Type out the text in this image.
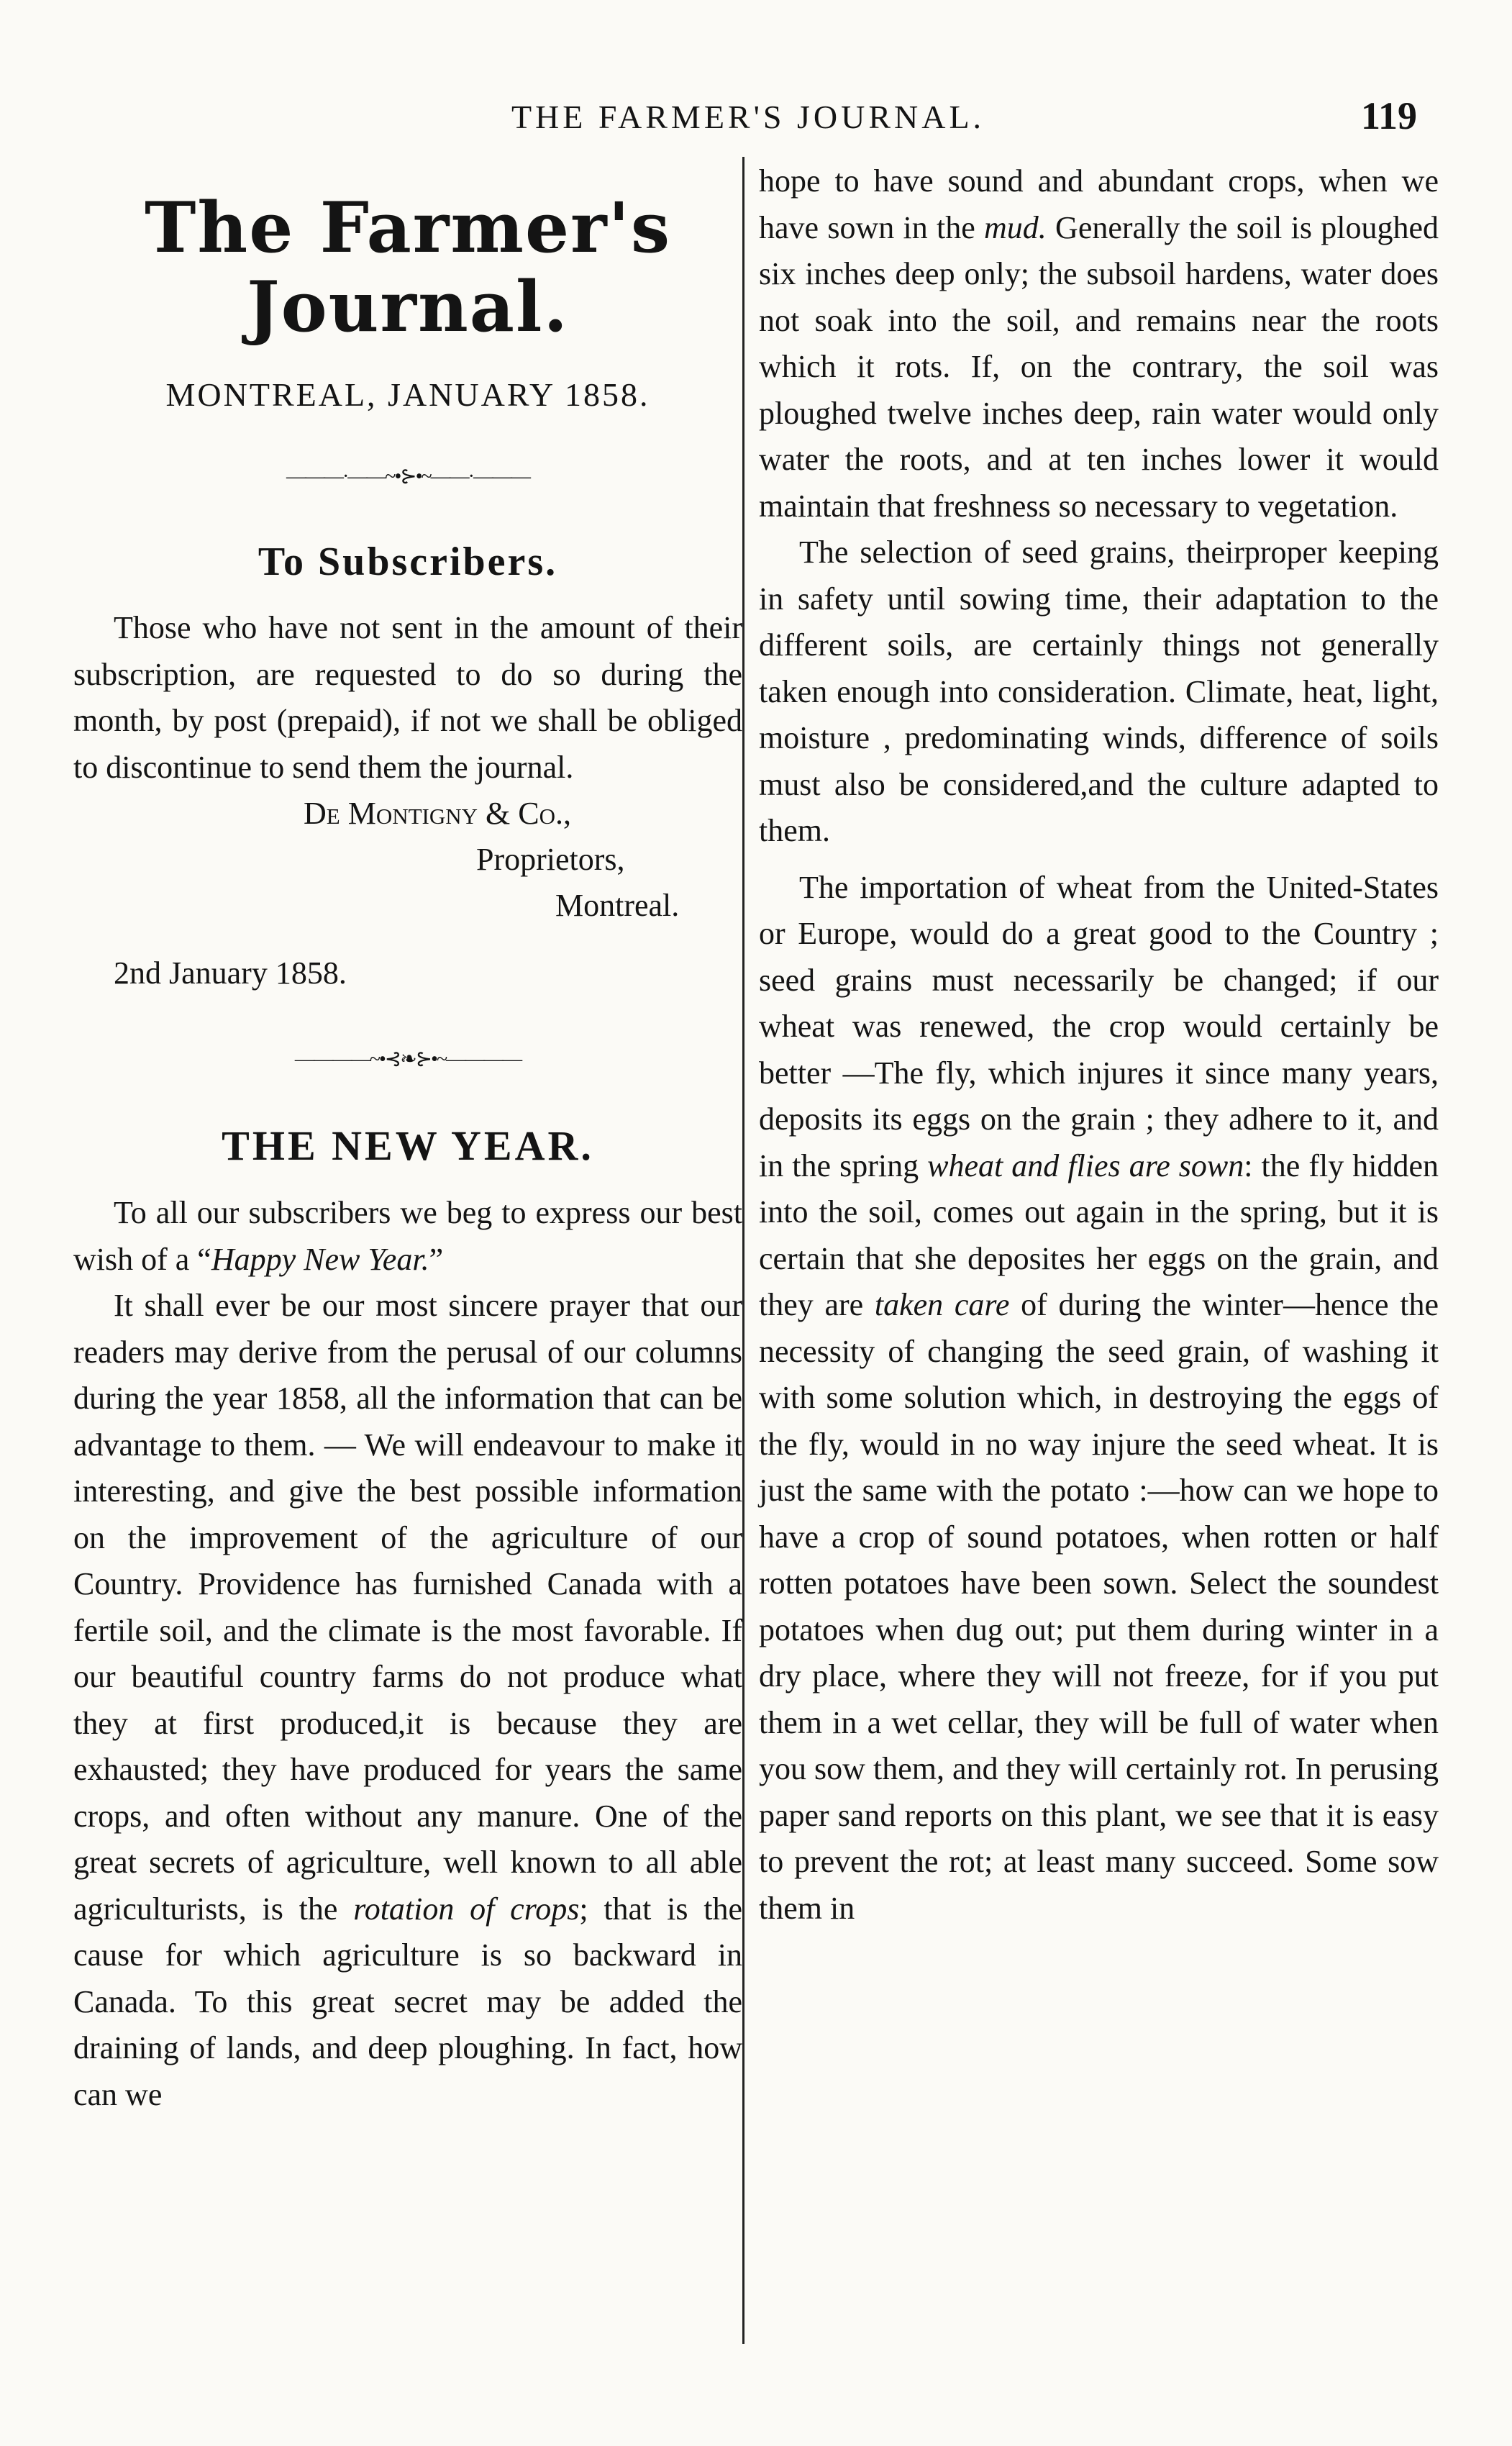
THE FARMER'S JOURNAL.	119
The Farmer's Journal.
MONTREAL, JANUARY 1858.
———·——~•⊱•~——·———
To Subscribers.

Those who have not sent in the amount of their subscription, are requested to do so during the month, by post (prepaid), if not we shall be obliged to discontinue to send them the journal.

De Montigny & Co.,
Proprietors,
Montreal.
2nd January 1858.
————~•⊰❧⊱•~————
THE NEW YEAR.

To all our subscribers we beg to express our best wish of a “Happy New Year.”

It shall ever be our most sincere prayer that our readers may derive from the perusal of our columns during the year 1858, all the information that can be advantage to them. — We will endeavour to make it interesting, and give the best possible information on the improvement of the agriculture of our Country. Providence has furnished Canada with a fertile soil, and the climate is the most favorable. If our beautiful country farms do not produce what they at first produced,it is because they are exhausted; they have produced for years the same crops, and often without any manure. One of the great secrets of agriculture, well known to all able agriculturists, is the rotation of crops; that is the cause for which agriculture is so backward in Canada. To this great secret may be added the draining of lands, and deep ploughing. In fact, how can we

hope to have sound and abundant crops, when we have sown in the mud. Generally the soil is ploughed six inches deep only; the subsoil hardens, water does not soak into the soil, and remains near the roots which it rots. If, on the contrary, the soil was ploughed twelve inches deep, rain water would only water the roots, and at ten inches lower it would maintain that freshness so necessary to vegetation.

The selection of seed grains, theirproper keeping in safety until sowing time, their adaptation to the different soils, are certainly things not generally taken enough into consideration. Climate, heat, light, moisture , predominating winds, difference of soils must also be considered,and the culture adapted to them.

The importation of wheat from the United-States or Europe, would do a great good to the Country ; seed grains must necessarily be changed; if our wheat was renewed, the crop would certainly be better —The fly, which injures it since many years, deposits its eggs on the grain ; they adhere to it, and in the spring wheat and flies are sown: the fly hidden into the soil, comes out again in the spring, but it is certain that she deposites her eggs on the grain, and they are taken care of during the winter—hence the necessity of changing the seed grain, of washing it with some solution which, in destroying the eggs of the fly, would in no way injure the seed wheat. It is just the same with the potato :—how can we hope to have a crop of sound potatoes, when rotten or half rotten potatoes have been sown. Select the soundest potatoes when dug out; put them during winter in a dry place, where they will not freeze, for if you put them in a wet cellar, they will be full of water when you sow them, and they will certainly rot. In perusing paper sand reports on this plant, we see that it is easy to prevent the rot; at least many succeed. Some sow them in
